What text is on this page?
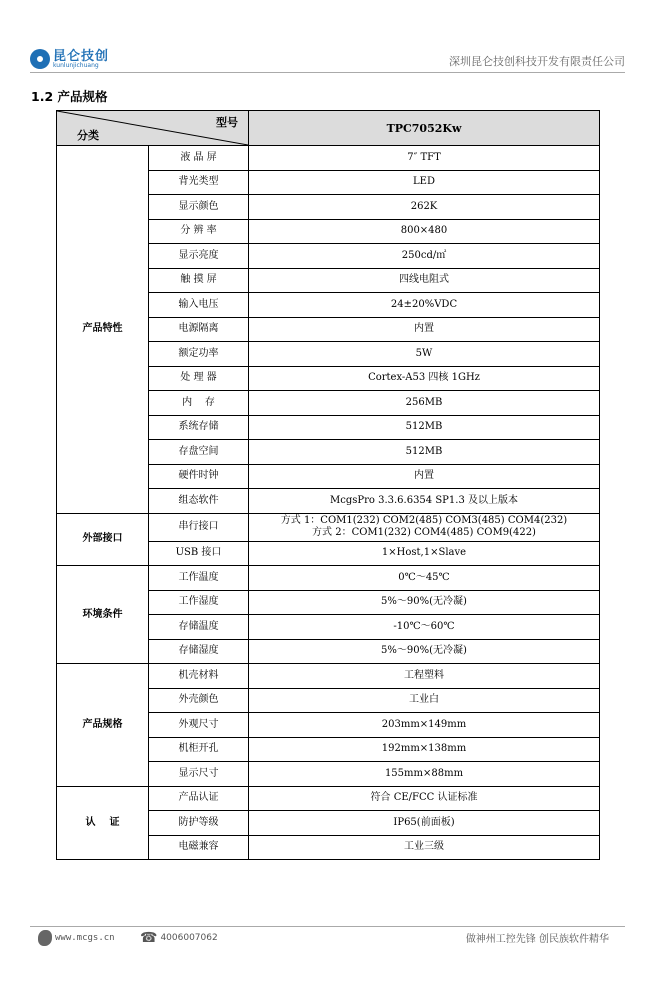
昆仑技创
kunlunjichuang	深圳昆仑技创科技开发有限责任公司
1.2 产品规格
型号
分类		TPC7052Kw
产品特性	液 晶 屏	7″ TFT
	背光类型	LED
	显示颜色	262K
	分 辨 率	800×480
	显示亮度	250cd/㎡
	触 摸 屏	四线电阻式
	输入电压	24±20%VDC
	电源隔离	内置
	额定功率	5W
	处 理 器	Cortex-A53 四核 1GHz
	内    存	256MB
	系统存储	512MB
	存盘空间	512MB
	硬件时钟	内置
	组态软件	McgsPro 3.3.6.6354 SP1.3 及以上版本
外部接口	串行接口	方式 1：COM1(232) COM2(485) COM3(485) COM4(232)
方式 2：COM1(232) COM4(485) COM9(422)

	USB 接口	1×Host,1×Slave
环境条件	工作温度	0℃～45℃
	工作湿度	5%～90%(无冷凝)
	存储温度	-10℃～60℃
	存储湿度	5%～90%(无冷凝)
产品规格	机壳材料	工程塑料
	外壳颜色	工业白
	外观尺寸	203mm×149mm
	机柜开孔	192mm×138mm
	显示尺寸	155mm×88mm
认    证	产品认证	符合 CE/FCC 认证标准
	防护等级	IP65(前面板)
	电磁兼容	工业三级
www.mcgs.cn ☎ 4006007062	做神州工控先锋 创民族软件精华
